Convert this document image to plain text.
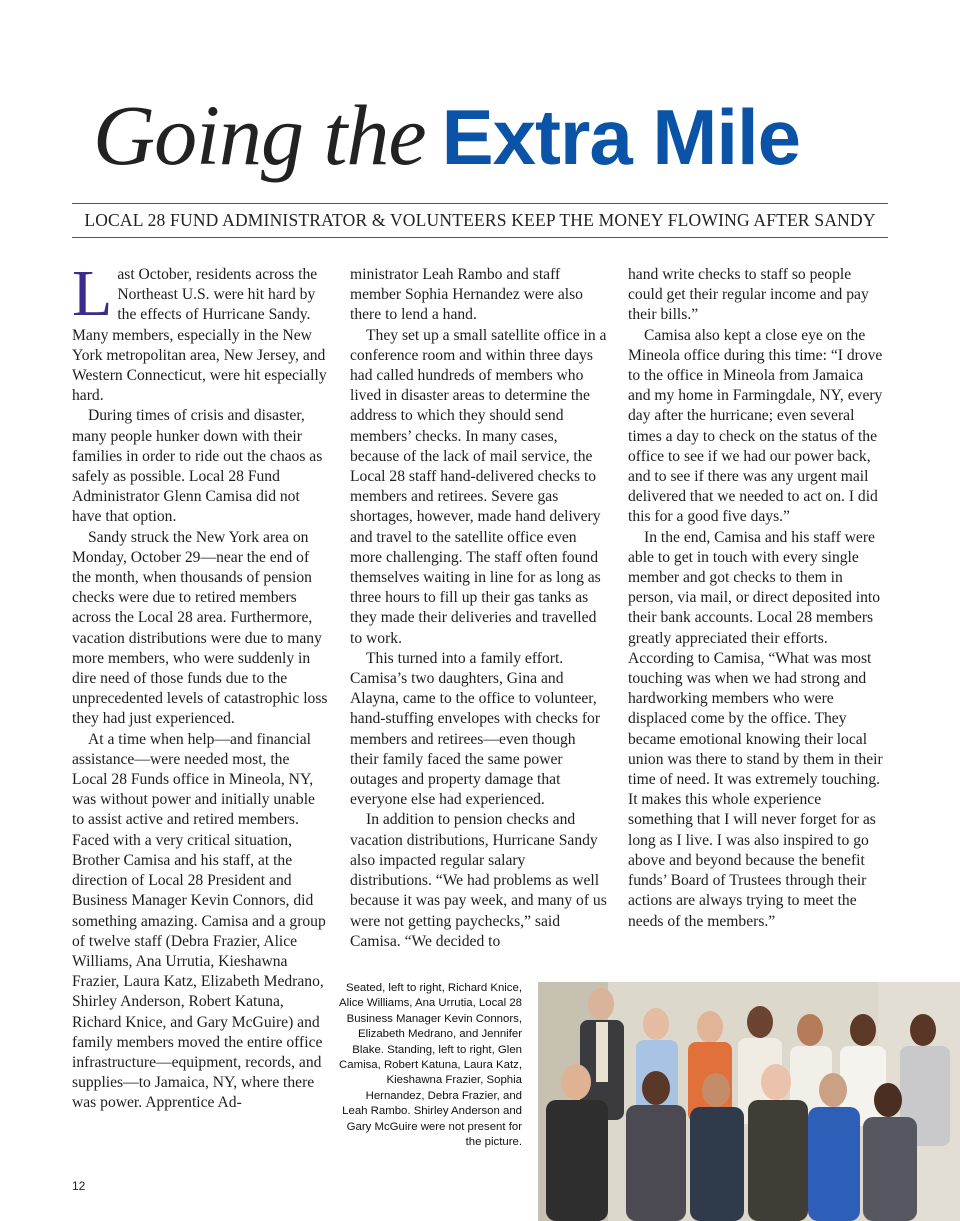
Going the Extra Mile
LOCAL 28 FUND ADMINISTRATOR & VOLUNTEERS KEEP THE MONEY FLOWING AFTER SANDY

Last October, residents across the Northeast U.S. were hit hard by the effects of Hurricane Sandy. Many members, especially in the New York metropolitan area, New Jersey, and Western Connecticut, were hit especially hard.

During times of crisis and disaster, many people hunker down with their families in order to ride out the chaos as safely as possible. Local 28 Fund Administrator Glenn Camisa did not have that option.

Sandy struck the New York area on Monday, October 29—near the end of the month, when thousands of pension checks were due to retired members across the Local 28 area. Furthermore, vacation distributions were due to many more members, who were suddenly in dire need of those funds due to the unprecedented levels of catastrophic loss they had just experienced.

At a time when help—and financial assistance—were needed most, the Local 28 Funds office in Mineola, NY, was without power and initially unable to assist active and retired members. Faced with a very critical situation, Brother Camisa and his staff, at the direction of Local 28 President and Business Manager Kevin Connors, did something amazing. Camisa and a group of twelve staff (Debra Frazier, Alice Williams, Ana Urrutia, Kieshawna Frazier, Laura Katz, Elizabeth Medrano, Shirley Anderson, Robert Katuna, Richard Knice, and Gary McGuire) and family members moved the entire office infrastructure—equipment, records, and supplies—to Jamaica, NY, where there was power. Apprentice Ad-

ministrator Leah Rambo and staff member Sophia Hernandez were also there to lend a hand.

They set up a small satellite office in a conference room and within three days had called hundreds of members who lived in disaster areas to determine the address to which they should send members’ checks. In many cases, because of the lack of mail service, the Local 28 staff hand-delivered checks to members and retirees. Severe gas shortages, however, made hand delivery and travel to the satellite office even more challenging. The staff often found themselves waiting in line for as long as three hours to fill up their gas tanks as they made their deliveries and travelled to work.

This turned into a family effort. Camisa’s two daughters, Gina and Alayna, came to the office to volunteer, hand-stuffing envelopes with checks for members and retirees—even though their family faced the same power outages and property damage that everyone else had experienced.

In addition to pension checks and vacation distributions, Hurricane Sandy also impacted regular salary distributions. “We had problems as well because it was pay week, and many of us were not getting paychecks,” said Camisa. “We decided to

hand write checks to staff so people could get their regular income and pay their bills.”

Camisa also kept a close eye on the Mineola office during this time: “I drove to the office in Mineola from Jamaica and my home in Farmingdale, NY, every day after the hurricane; even several times a day to check on the status of the office to see if we had our power back, and to see if there was any urgent mail delivered that we needed to act on. I did this for a good five days.”

In the end, Camisa and his staff were able to get in touch with every single member and got checks to them in person, via mail, or direct deposited into their bank accounts. Local 28 members greatly appreciated their efforts. According to Camisa, “What was most touching was when we had strong and hardworking members who were displaced come by the office. They became emotional knowing their local union was there to stand by them in their time of need. It was extremely touching. It makes this whole experience something that I will never forget for as long as I live. I was also inspired to go above and beyond because the benefit funds’ Board of Trustees through their actions are always trying to meet the needs of the members.”

Seated, left to right, Richard Knice, Alice Williams, Ana Urrutia, Local 28 Business Manager Kevin Connors, Elizabeth Medrano, and Jennifer Blake. Standing, left to right, Glen Camisa, Robert Katuna, Laura Katz, Kieshawna Frazier, Sophia Hernandez, Debra Frazier, and Leah Rambo. Shirley Anderson and Gary McGuire were not present for the picture.
12
